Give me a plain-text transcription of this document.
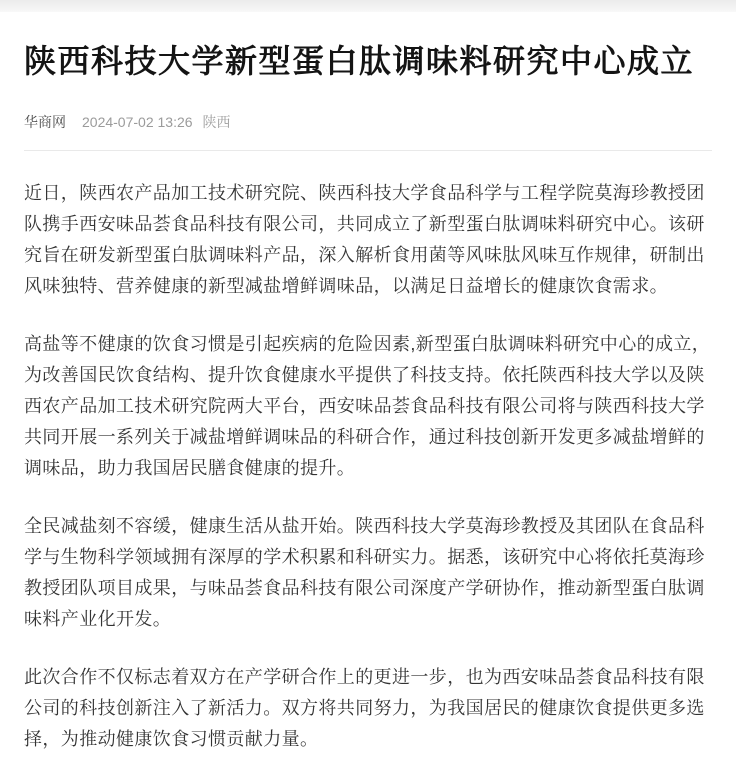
陕西科技大学新型蛋白肽调味料研究中心成立
华商网 2024-07-02 13:26 陕西

近日，陕西农产品加工技术研究院、陕西科技大学食品科学与工程学院莫海珍教授团队携手西安味品荟食品科技有限公司，共同成立了新型蛋白肽调味料研究中心。该研究旨在研发新型蛋白肽调味料产品，深入解析食用菌等风味肽风味互作规律，研制出风味独特、营养健康的新型减盐增鲜调味品，以满足日益增长的健康饮食需求。

高盐等不健康的饮食习惯是引起疾病的危险因素,新型蛋白肽调味料研究中心的成立，为改善国民饮食结构、提升饮食健康水平提供了科技支持。依托陕西科技大学以及陕西农产品加工技术研究院两大平台，西安味品荟食品科技有限公司将与陕西科技大学共同开展一系列关于减盐增鲜调味品的科研合作，通过科技创新开发更多减盐增鲜的调味品，助力我国居民膳食健康的提升。

全民减盐刻不容缓，健康生活从盐开始。陕西科技大学莫海珍教授及其团队在食品科学与生物科学领域拥有深厚的学术积累和科研实力。据悉，该研究中心将依托莫海珍教授团队项目成果，与味品荟食品科技有限公司深度产学研协作，推动新型蛋白肽调味料产业化开发。

此次合作不仅标志着双方在产学研合作上的更进一步，也为西安味品荟食品科技有限公司的科技创新注入了新活力。双方将共同努力，为我国居民的健康饮食提供更多选择，为推动健康饮食习惯贡献力量。
